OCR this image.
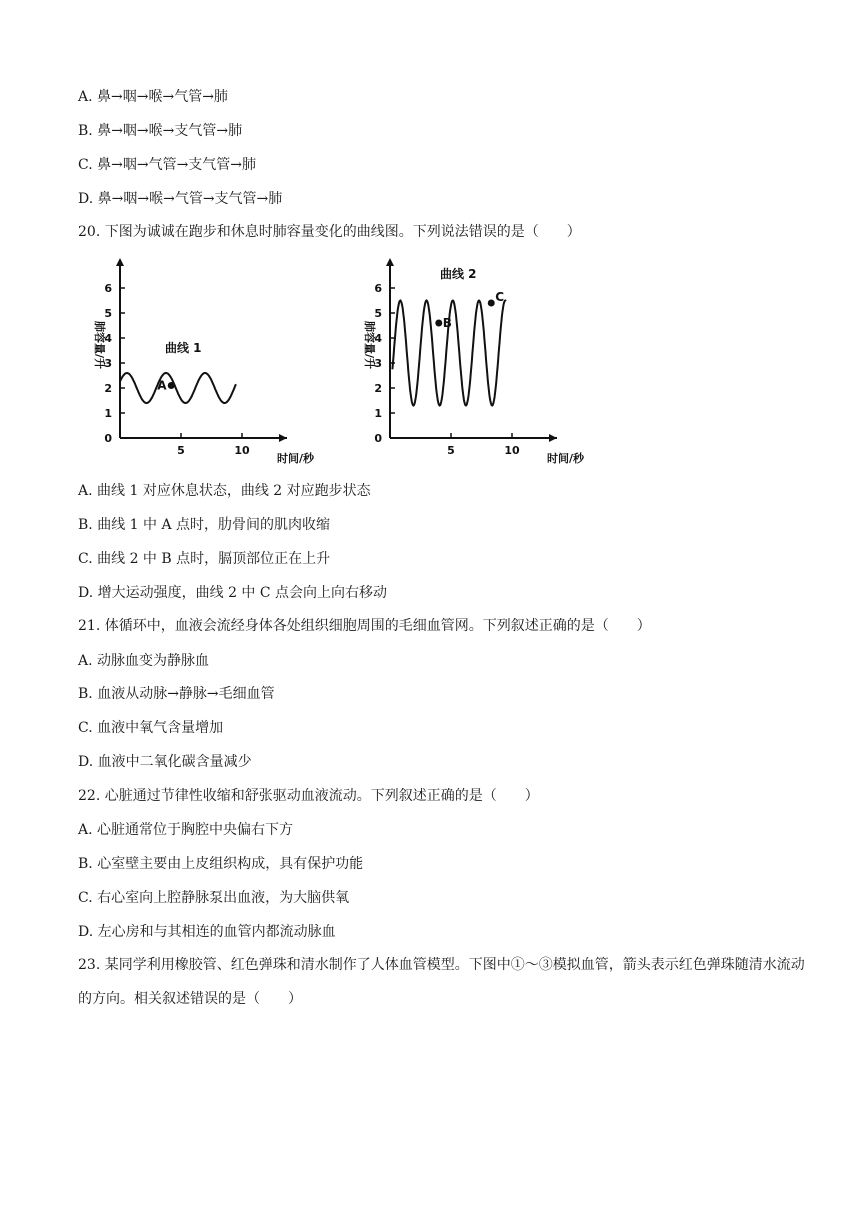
A. 鼻→咽→喉→气管→肺
B. 鼻→咽→喉→支气管→肺
C. 鼻→咽→气管→支气管→肺
D. 鼻→咽→喉→气管→支气管→肺
20. 下图为诚诚在跑步和休息时肺容量变化的曲线图。下列说法错误的是（　　）
0
1
2
3
4
5
6
5	10
时间/秒
肺容量/升	曲线 1
A
0
1
2
3
4
5
6
5	10
时间/秒
肺容量/升
曲线 2
B
C
A. 曲线 1 对应休息状态，曲线 2 对应跑步状态
B. 曲线 1 中 A 点时，肋骨间的肌肉收缩
C. 曲线 2 中 B 点时，膈顶部位正在上升
D. 增大运动强度，曲线 2 中 C 点会向上向右移动
21. 体循环中，血液会流经身体各处组织细胞周围的毛细血管网。下列叙述正确的是（　　）
A. 动脉血变为静脉血
B. 血液从动脉→静脉→毛细血管
C. 血液中氧气含量增加
D. 血液中二氧化碳含量减少
22. 心脏通过节律性收缩和舒张驱动血液流动。下列叙述正确的是（　　）
A. 心脏通常位于胸腔中央偏右下方
B. 心室壁主要由上皮组织构成，具有保护功能
C. 右心室向上腔静脉泵出血液，为大脑供氧
D. 左心房和与其相连的血管内都流动脉血
23. 某同学利用橡胶管、红色弹珠和清水制作了人体血管模型。下图中①～③模拟血管，箭头表示红色弹珠随清水流动的方向。相关叙述错误的是（　　）
